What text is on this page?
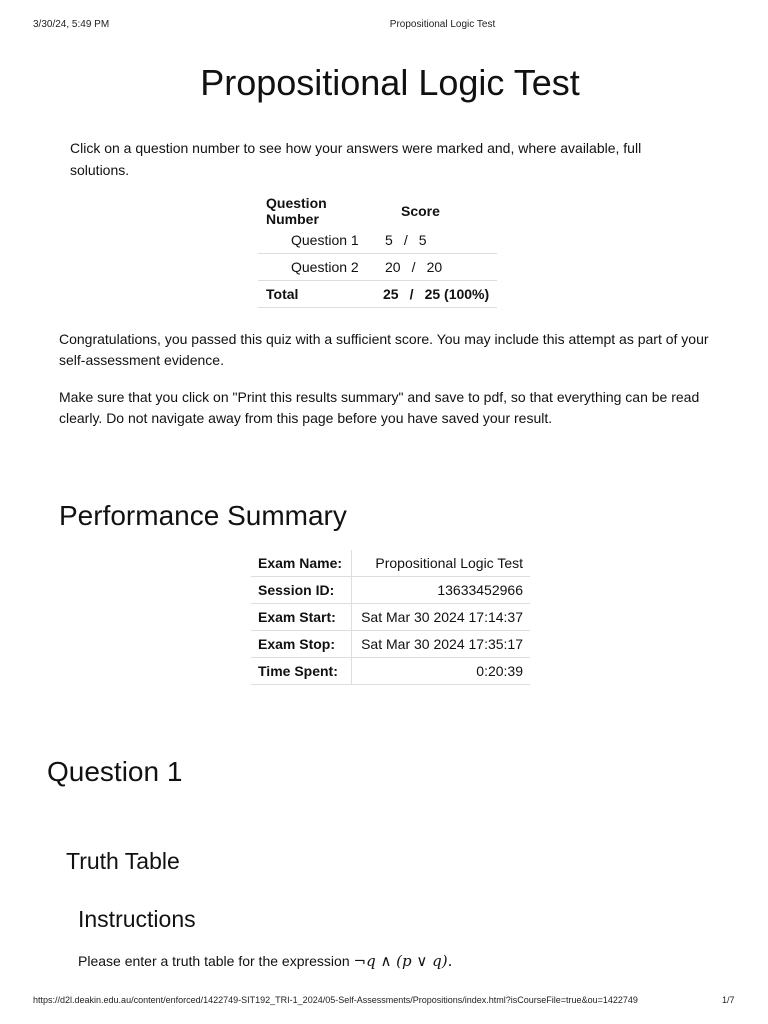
3/30/24, 5:49 PM	Propositional Logic Test
Propositional Logic Test

Click on a question number to see how your answers were marked and, where available, full solutions.

Question Number	Score
Question 1	5 / 5
Question 2	20 / 20
Total	25 / 25 (100%)

Congratulations, you passed this quiz with a sufficient score. You may include this attempt as part of your self-assessment evidence.

Make sure that you click on "Print this results summary" and save to pdf, so that everything can be read clearly. Do not navigate away from this page before you have saved your result.

Performance Summary
Exam Name:	Propositional Logic Test
Session ID:	13633452966
Exam Start:	Sat Mar 30 2024 17:14:37
Exam Stop:	Sat Mar 30 2024 17:35:17
Time Spent:	0:20:39
Question 1
Truth Table
Instructions

Please enter a truth table for the expression ¬q ∧ (p ∨ q).

https://d2l.deakin.edu.au/content/enforced/1422749-SIT192_TRI-1_2024/05-Self-Assessments/Propositions/index.html?isCourseFile=true&ou=1422749	1/7
